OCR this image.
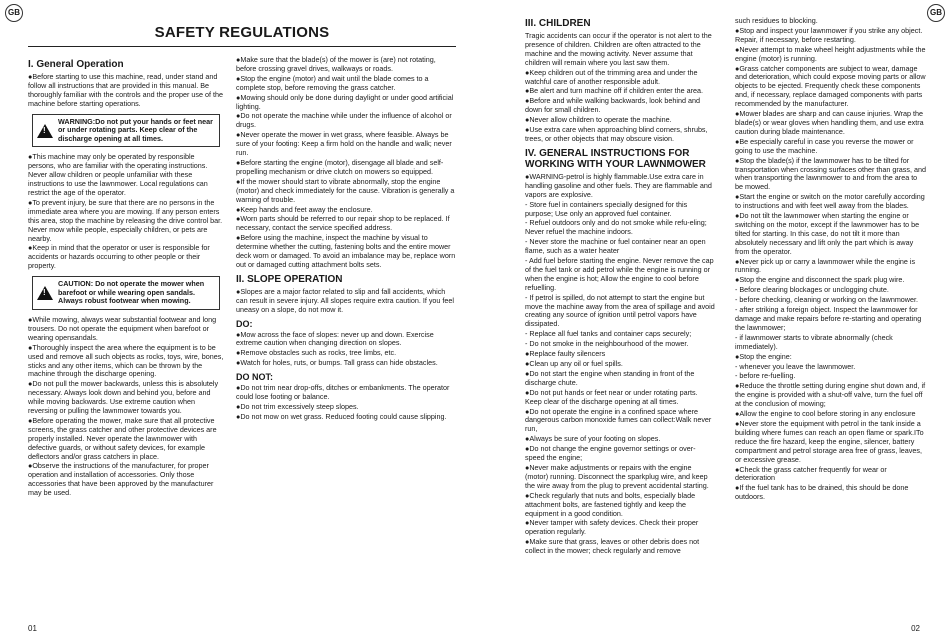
GB
SAFETY REGULATIONS
I. General Operation

●Before starting to use this machine, read, under stand and follow all instructions that are provided in this manual. Be thoroughly familiar with the controls and the proper use of the machine before starting operations.

!
WARNING:Do not put your hands or feet near or under rotating parts. Keep clear of the discharge opening at all times.

●This machine may only be operated by responsible persons, who are familiar with the operating instructions. Never allow children or people unfamiliar with these instructions to use the lawnmower. Local regulations can restrict the age of the operator.

●To prevent injury, be sure that there are no persons in the immediate area where you are mowing. If any person enters this area, stop the machine by releasing the drive control bar. Never mow while people, especially children, or pets are nearby.

●Keep in mind that the operator or user is responsible for accidents or hazards occurring to other people or their property.

!
CAUTION: Do not operate the mower when barefoot or while wearing open sandals. Always robust footwear when mowing.

●While mowing, always wear substantial footwear and long trousers. Do not operate the equipment when barefoot or wearing opensandals.

●Thoroughly inspect the area where the equipment is to be used and remove all such objects as rocks, toys, wire, bones, sticks and any other items, which can be thrown by the machine through the discharge opening.

●Do not pull the mower backwards, unless this is absolutely necessary. Always look down and behind you, before and while moving backwards. Use extreme caution when reversing or pulling the lawnmower towards you.

●Before operating the mower, make sure that all protective screens, the grass catcher and other protective devices are properly installed. Never operate the lawnmower with defective guards, or without safety devices, for example deflectors and/or grass catchers in place.

●Observe the instructions of the manufacturer, for proper operation and installation of accessories. Only those accessories that have been approved by the manufacturer may be used.

●Make sure that the blade(s) of the mower is (are) not rotating, before crossing gravel drives, walkways or roads.

●Stop the engine (motor) and wait until the blade comes to a complete stop, before removing the grass catcher.

●Mowing should only be done during daylight or under good artificial lighting.

●Do not operate the machine while under the influence of alcohol or drugs.

●Never operate the mower in wet grass, where feasible. Always be sure of your footing: Keep a firm hold on the handle and walk; never run.

●Before starting the engine (motor), disengage all blade and self-propelling mechanism or drive clutch on mowers so equipped.

●If the mower should start to vibrate abnormally, stop the engine (motor) and check immediately for the cause. Vibration is generally a warning of trouble.

●Keep hands and feet away the enclosure.

●Worn parts should be referred to our repair shop to be replaced. If necessary, contact the service specified address.

●Before using the machine, inspect the machine by visual to determine whether the cutting, fastening bolts and the entire mower deck worn or damaged. To avoid an imbalance may be, replace worn out or damaged cutting attachment bolts sets.

II. SLOPE OPERATION

●Slopes are a major factor related to slip and fall accidents, which can result in severe injury. All slopes require extra caution. If you feel uneasy on a slope, do not mow it.

DO:

●Mow across the face of slopes: never up and down. Exercise extreme caution when changing direction on slopes.

●Remove obstacles such as rocks, tree limbs, etc.

●Watch for holes, ruts, or bumps. Tall grass can hide obstacles.

DO NOT:

●Do not trim near drop-offs, ditches or embankments. The operator could lose footing or balance.

●Do not trim excessively steep slopes.

●Do not mow on wet grass. Reduced footing could cause slipping.

01
GB
III. CHILDREN

Tragic accidents can occur if the operator is not alert to the presence of children. Children are often attracted to the machine and the mowing activity. Never assume that children will remain where you last saw them.

●Keep children out of the trimming area and under the watchful care of another responsible adult.

●Be alert and turn machine off if children enter the area.

●Before and while walking backwards, look behind and down for small children.

●Never allow children to operate the machine.

●Use extra care when approaching blind corners, shrubs, trees, or other objects that may obscure vision.

IV. GENERAL INSTRUCTIONS FOR WORKING WITH YOUR LAWNMOWER

●WARNING-petrol is highly flammable.Use extra care in handling gasoline and other fuels. They are flammable and vapors are explosive.

- Store fuel in containers specially designed for this purpose; Use only an approved fuel container.

- Refuel outdoors only and do not smoke while refu-eling; Never refuel the machine indoors.

- Never store the machine or fuel container near an open flame, such as a water heater

- Add fuel before starting the engine. Never remove the cap of the fuel tank or add petrol while the engine is running or when the engine is hot; Allow the engine to cool before refuelling.

- If petrol is spilled, do not attempt to start the engine but move the machine away from the area of spillage and avoid creating any source of ignition until petrol vapors have dissipated.

- Replace all fuel tanks and container caps securely;

- Do not smoke in the neighbourhood of the mower.

●Replace faulty silencers

●Clean up any oil or fuel spills.

●Do not start the engine when standing in front of the discharge chute.

●Do not put hands or feet near or under rotating parts. Keep clear of the discharge opening at all times.

●Do not operate the engine in a confined space where dangerous carbon monoxide fumes can collect:Walk never run,

●Always be sure of your footing on slopes.

●Do not change the engine governor settings or over-speed the engine;

●Never make adjustments or repairs with the engine (motor) running. Disconnect the sparkplug wire, and keep the wire away from the plug to prevent accidental starting.

●Check regularly that nuts and bolts, especially blade attachment bolts, are fastened tightly and keep the equipment in a good condition.

●Never tamper with safety devices. Check their proper operation regularly.

●Make sure that grass, leaves or other debris does not collect in the mower; check regularly and remove

such residues to blocking.

●Stop and inspect your lawnmower if you strike any object. Repair, if necessary, before restarting.

●Never attempt to make wheel height adjustments while the engine (motor) is running.

●Grass catcher components are subject to wear, damage and deterioration, which could expose moving parts or allow objects to be ejected. Frequently check these components and, if necessary, replace damaged components with parts recommended by the manufacturer.

●Mower blades are sharp and can cause injuries. Wrap the blade(s) or wear gloves when handling them, and use extra caution during blade maintenance.

●Be especially careful in case you reverse the mower or going to use the machine.

●Stop the blade(s) if the lawnmower has to be tilted for transportation when crossing surfaces other than grass, and when transporting the lawnmower to and from the area to be mowed.

●Start the engine or switch on the motor carefully according to instructions and with feet well away from the blades.

●Do not tilt the lawnmower when starting the engine or switching on the motor, except if the lawnmower has to be tilted for starting. In this case, do not tilt it more than absolutely necessary and lift only the part which is away from the operator.

●Never pick up or carry a lawnmower while the engine is running.

●Stop the engine and disconnect the spark plug wire.

- Before clearing blockages or unclogging chute.

- before checking, cleaning or working on the lawnmower.

- after striking a foreign object. Inspect the lawnmower for damage and make repairs before re-starting and operating the lawnmower;

- if lawnmower starts to vibrate abnormally (check immediately).

●Stop the engine:

- whenever you leave the lawnmower.

- before re-fuelling.

●Reduce the throttle setting during engine shut down and, if the engine is provided with a shut-off valve, turn the fuel off at the conclusion of mowing;

●Allow the engine to cool before storing in any enclosure

●Never store the equipment with petrol in the tank inside a building where fumes can reach an open flame or spark.ITo reduce the fire hazard, keep the engine, silencer, battery compartment and petrol storage area free of grass, leaves, or excessive grease.

●Check the grass catcher frequently for wear or deterioration

●If the fuel tank has to be drained, this should be done outdoors.

02
